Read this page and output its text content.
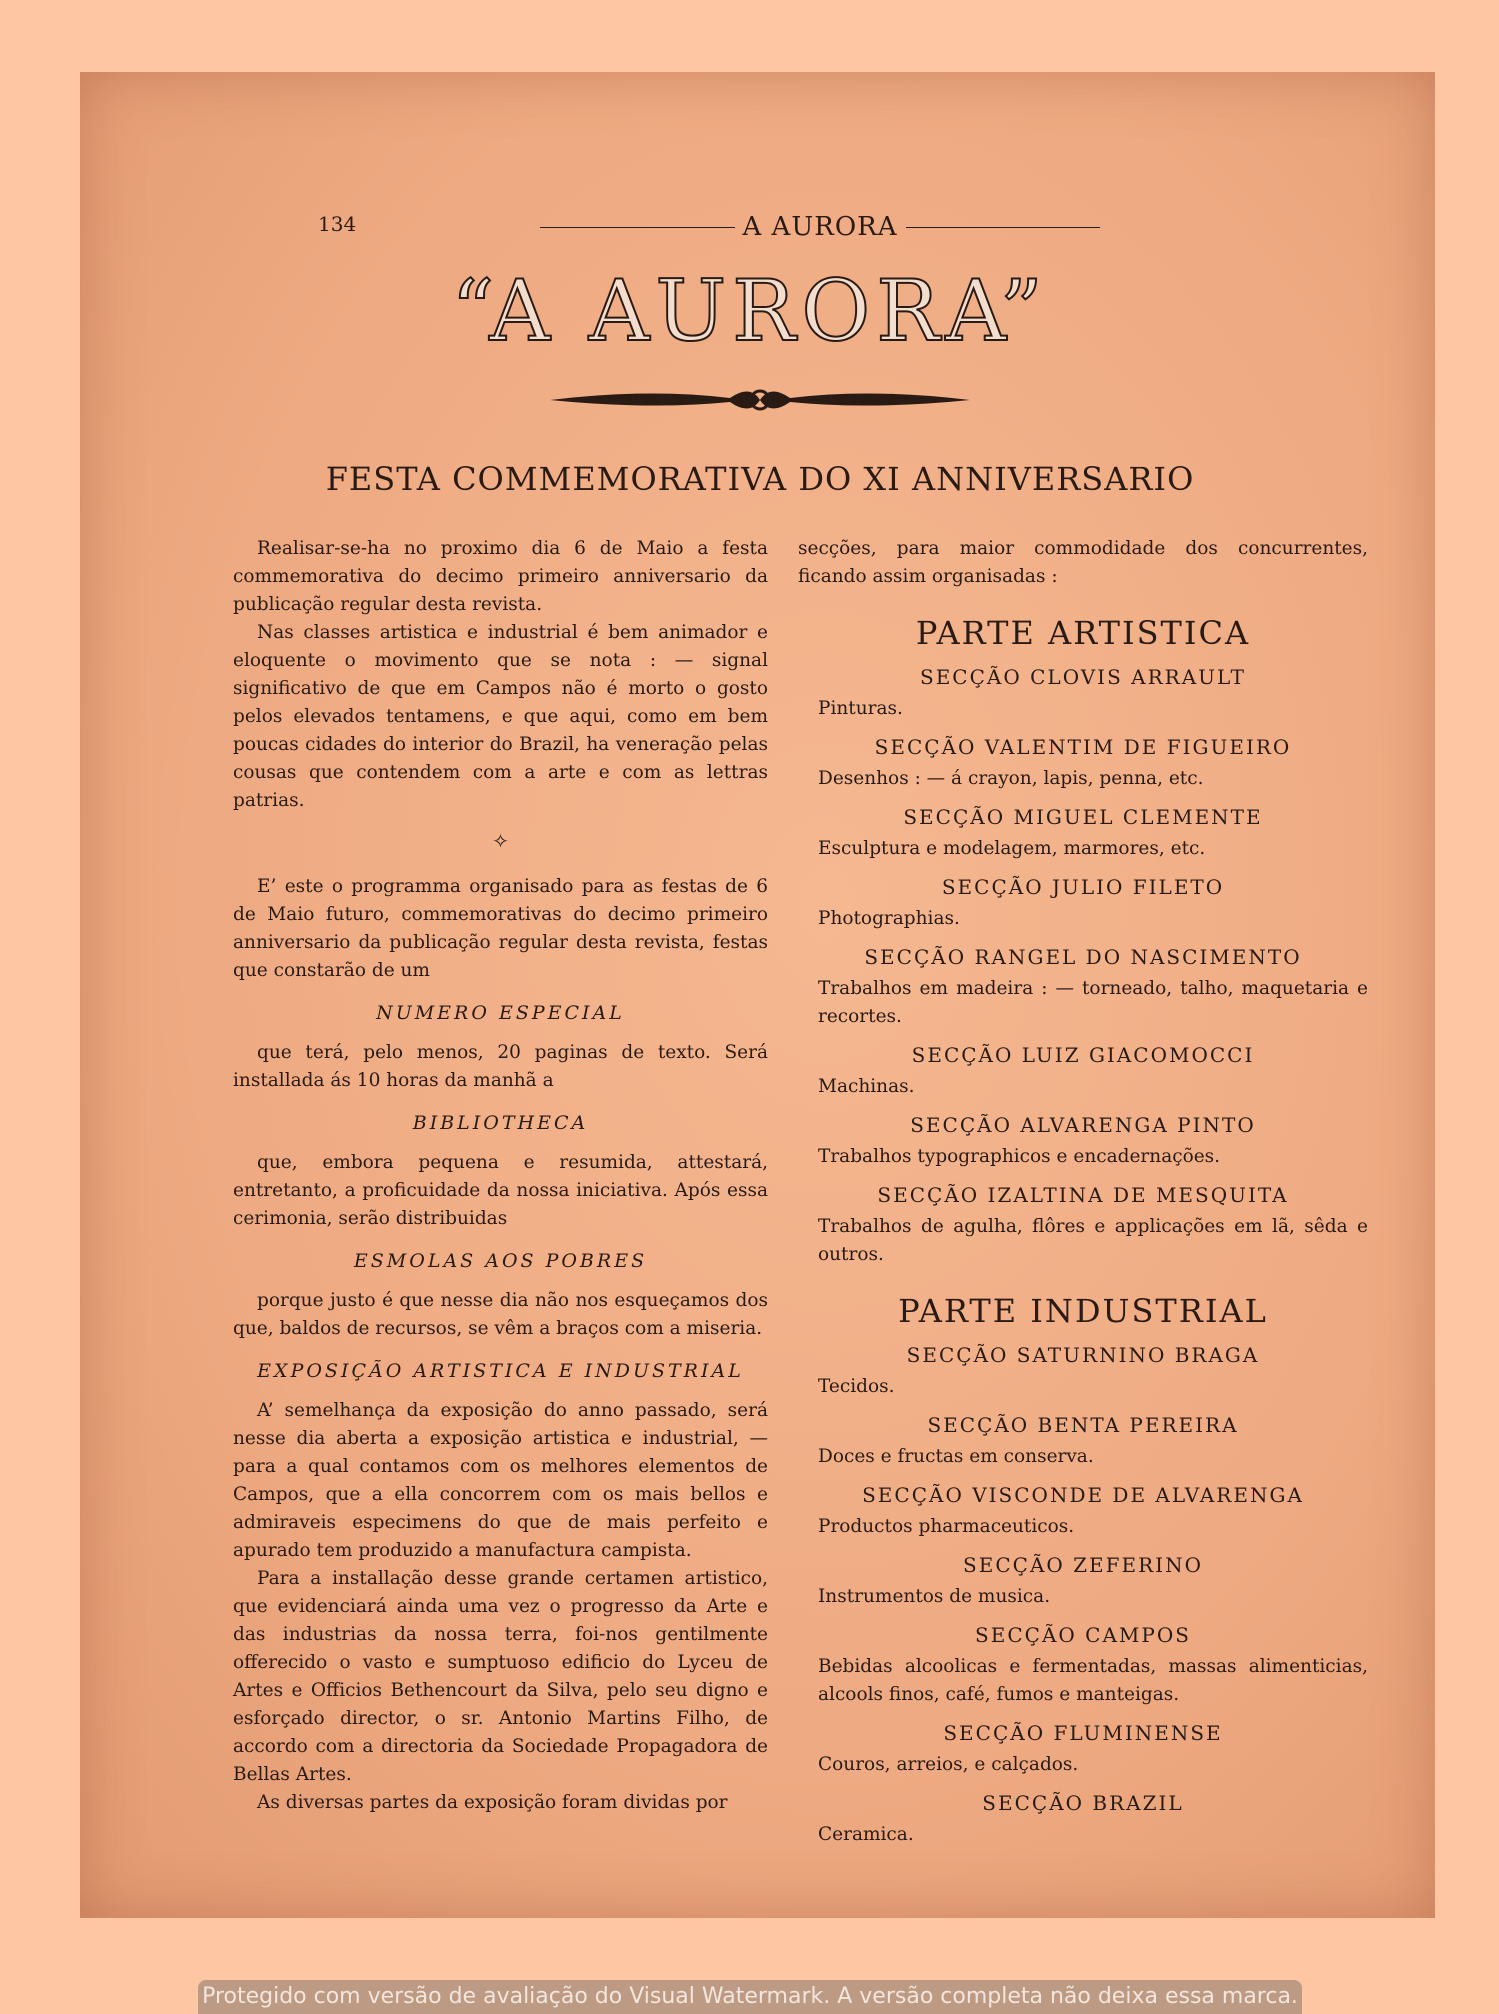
134	A AURORA
“A AURORA”
FESTA COMMEMORATIVA DO XI ANNIVERSARIO

Realisar-se-ha no proximo dia 6 de Maio a festa commemorativa do decimo primeiro anniversario da publicação regular desta revista.

Nas classes artistica e industrial é bem animador e eloquente o movimento que se nota : — signal significativo de que em Campos não é morto o gosto pelos elevados tentamens, e que aqui, como em bem poucas cidades do interior do Brazil, ha veneração pelas cousas que contendem com a arte e com as lettras patrias.

✧

E’ este o programma organisado para as festas de 6 de Maio futuro, commemorativas do decimo primeiro anniversario da publicação regular desta revista, festas que constarão de um

NUMERO ESPECIAL

que terá, pelo menos, 20 paginas de texto. Será installada ás 10 horas da manhã a

BIBLIOTHECA

que, embora pequena e resumida, attestará, entretanto, a proficuidade da nossa iniciativa. Após essa cerimonia, serão distribuidas

ESMOLAS AOS POBRES

porque justo é que nesse dia não nos esqueçamos dos que, baldos de recursos, se vêm a braços com a miseria.

EXPOSIÇÃO ARTISTICA E INDUSTRIAL

A’ semelhança da exposição do anno passado, será nesse dia aberta a exposição artistica e industrial, — para a qual contamos com os melhores elementos de Campos, que a ella concorrem com os mais bellos e admiraveis especimens do que de mais perfeito e apurado tem produzido a manufactura campista.

Para a installação desse grande certamen artistico, que evidenciará ainda uma vez o progresso da Arte e das industrias da nossa terra, foi-nos gentilmente offerecido o vasto e sumptuoso edificio do Lyceu de Artes e Officios Bethencourt da Silva, pelo seu digno e esforçado director, o sr. Antonio Martins Filho, de accordo com a directoria da Sociedade Propagadora de Bellas Artes.

As diversas partes da exposição foram dividas por

secções, para maior commodidade dos concurrentes, ficando assim organisadas :

PARTE ARTISTICA
SECÇÃO CLOVIS ARRAULT
Pinturas.
SECÇÃO VALENTIM DE FIGUEIRO
Desenhos : — á crayon, lapis, penna, etc.
SECÇÃO MIGUEL CLEMENTE
Esculptura e modelagem, marmores, etc.
SECÇÃO JULIO FILETO
Photographias.
SECÇÃO RANGEL DO NASCIMENTO
Trabalhos em madeira : — torneado, talho, maquetaria e recortes.
SECÇÃO LUIZ GIACOMOCCI
Machinas.
SECÇÃO ALVARENGA PINTO
Trabalhos typographicos e encadernações.
SECÇÃO IZALTINA DE MESQUITA
Trabalhos de agulha, flôres e applicações em lã, sêda e outros.
PARTE INDUSTRIAL
SECÇÃO SATURNINO BRAGA
Tecidos.
SECÇÃO BENTA PEREIRA
Doces e fructas em conserva.
SECÇÃO VISCONDE DE ALVARENGA
Productos pharmaceuticos.
SECÇÃO ZEFERINO
Instrumentos de musica.
SECÇÃO CAMPOS
Bebidas alcoolicas e fermentadas, massas alimenticias, alcools finos, café, fumos e manteigas.
SECÇÃO FLUMINENSE
Couros, arreios, e calçados.
SECÇÃO BRAZIL
Ceramica.
Protegido com versão de avaliação do Visual Watermark. A versão completa não deixa essa marca.
